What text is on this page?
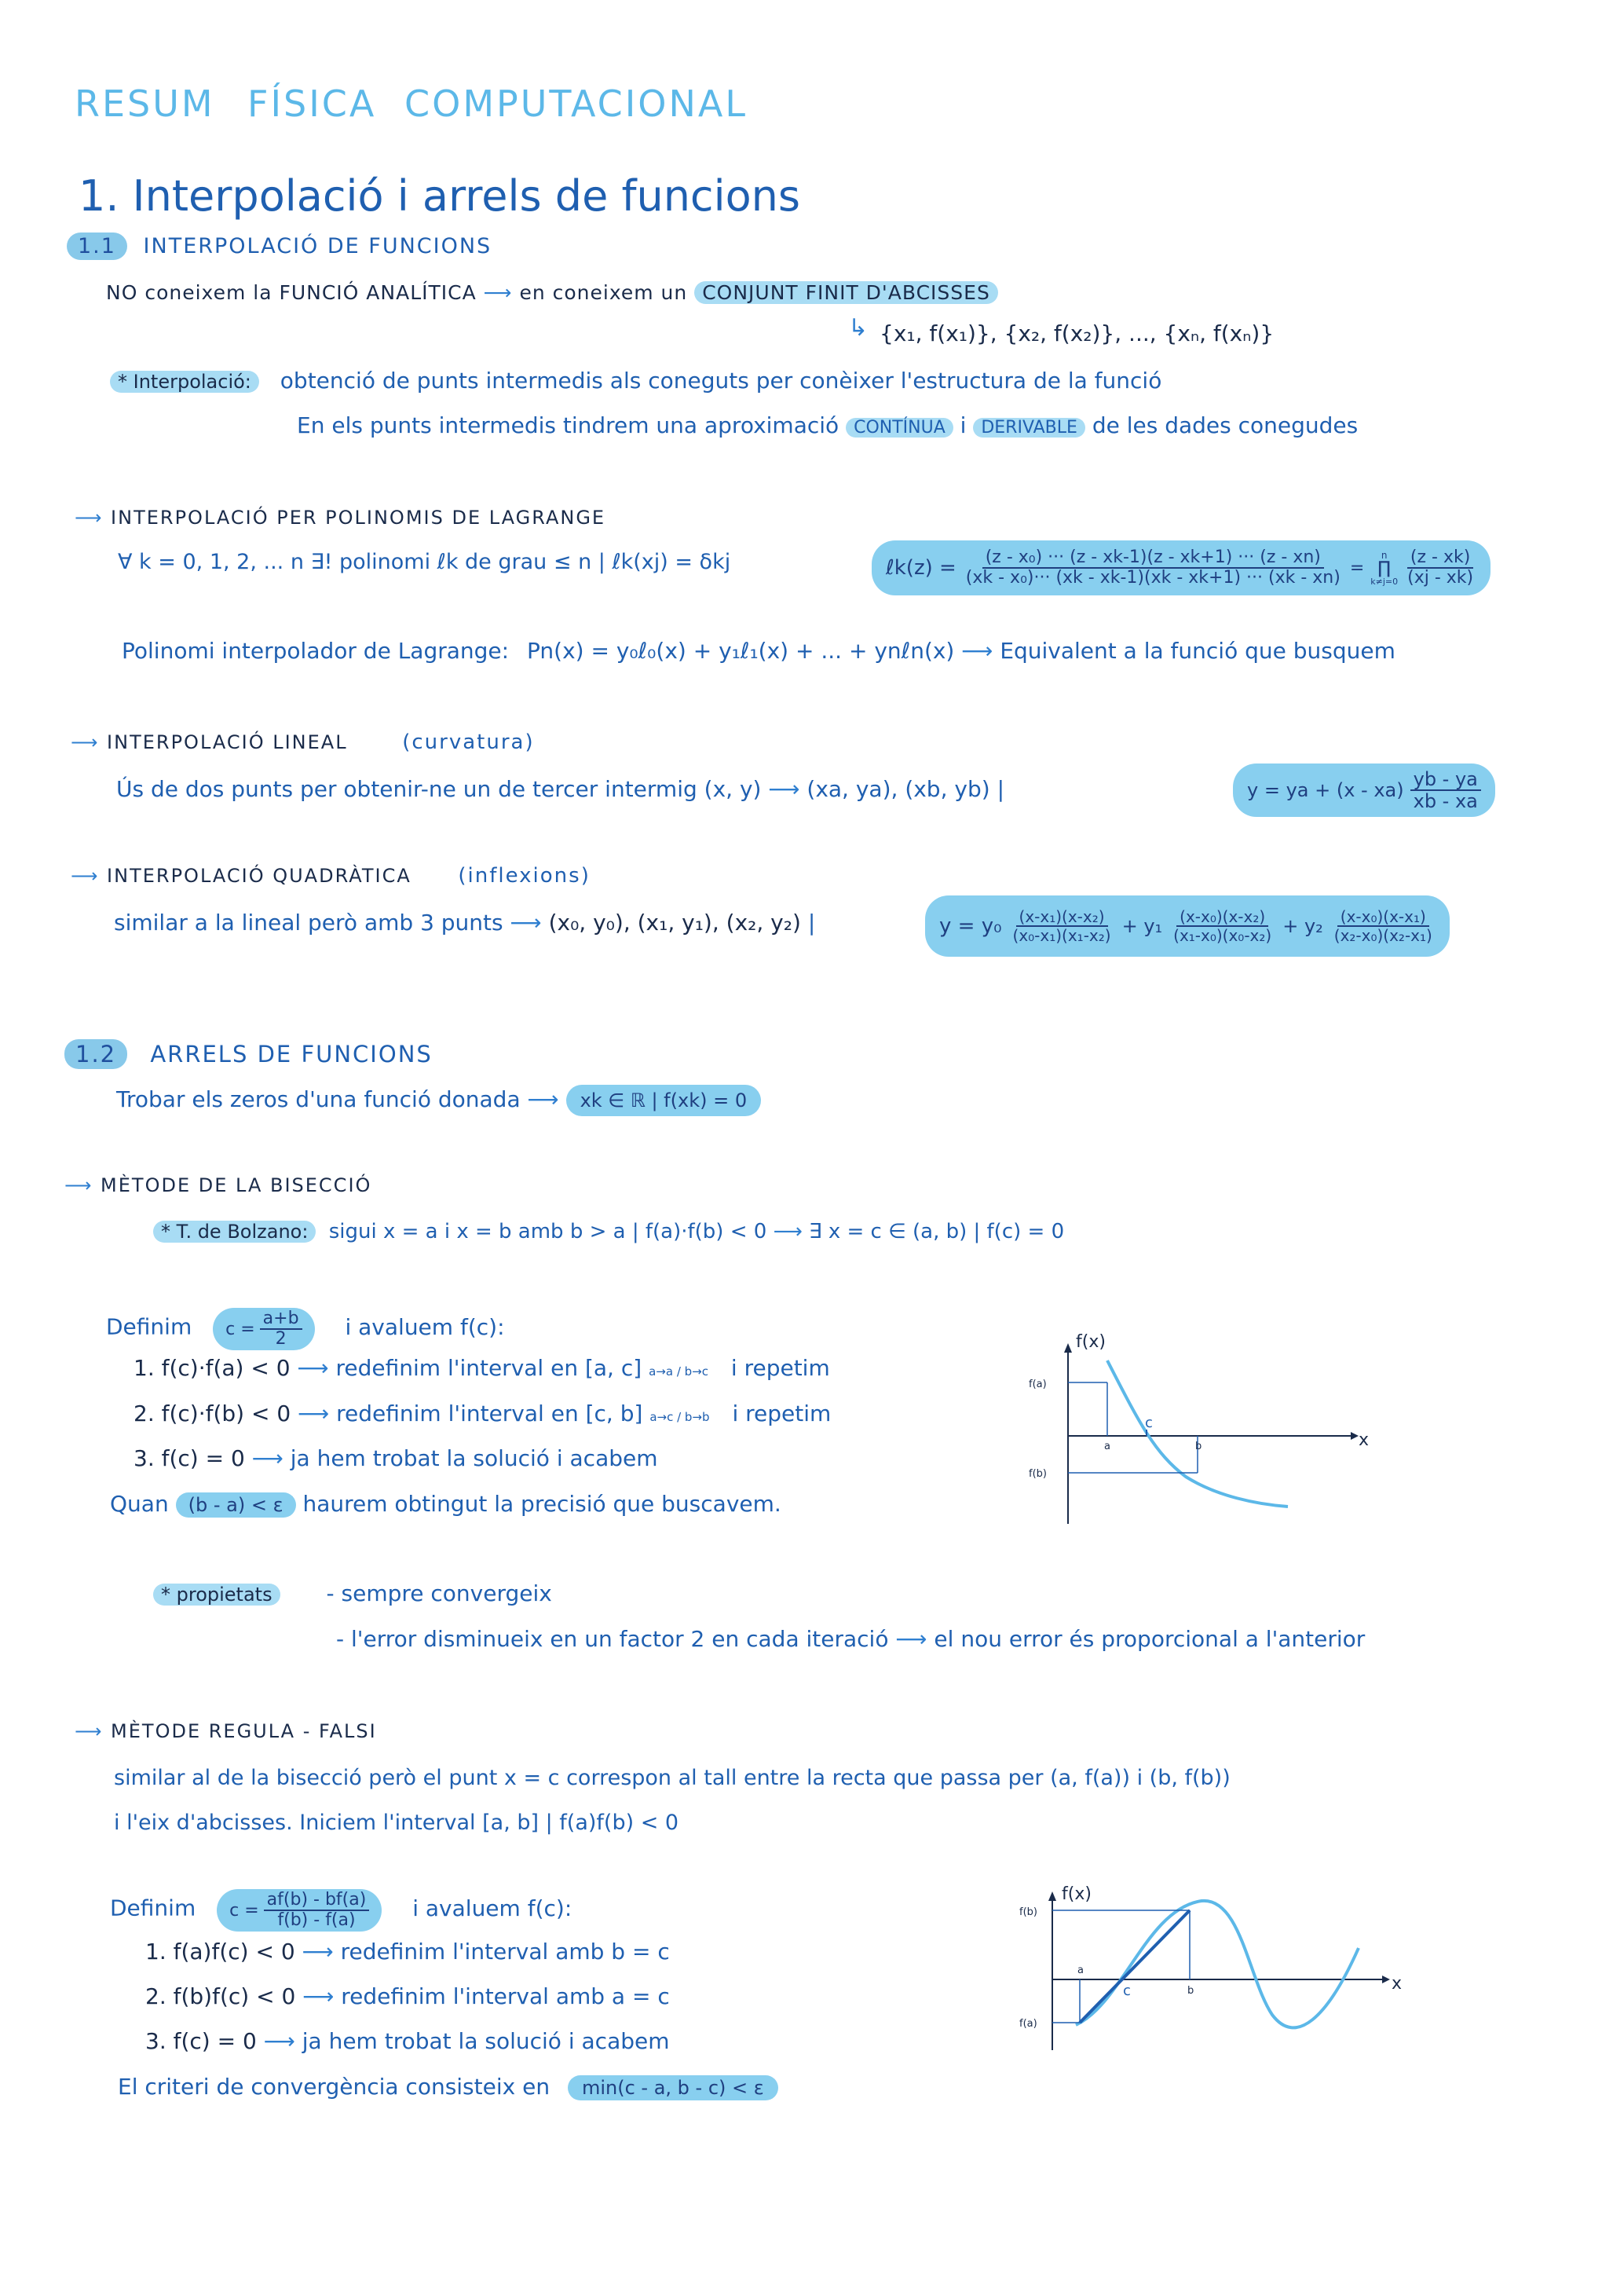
RESUM FÍSICA COMPUTACIONAL
1. Interpolació i arrels de funcions
1.1 INTERPOLACIÓ DE FUNCIONS
NO coneixem la FUNCIÓ ANALÍTICA ⟶ en coneixem un CONJUNT FINIT D'ABCISSES
↳ {x₁, f(x₁)}, {x₂, f(x₂)}, ..., {xₙ, f(xₙ)}
* Interpolació: obtenció de punts intermedis als coneguts per conèixer l'estructura de la funció
En els punts intermedis tindrem una aproximació CONTÍNUA i DERIVABLE de les dades conegudes
⟶ INTERPOLACIÓ PER POLINOMIS DE LAGRANGE
∀ k = 0, 1, 2, ... n ∃! polinomi ℓk de grau ≤ n | ℓk(xj) = δkj	ℓk(z) = $\frac{\text{(z - x₀) ··· (z - xk-1)(z - xk+1) ··· (z - xn)}}{\text{(xk - x₀)··· (xk - xk-1)(xk - xk+1) ··· (xk - xn)}}$ =
n
∏
$k\ne j=0 \frac{(z - xk)}{(xj - xk)}$
Polinomi interpolador de Lagrange: Pn(x) = y₀ℓ₀(x) + y₁ℓ₁(x) + ... + ynℓn(x) ⟶ Equivalent a la funció que busquem
⟶ INTERPOLACIÓ LINEAL	(curvatura)
Ús de dos punts per obtenir-ne un de tercer intermig (x, y) ⟶ (xa, ya), (xb, yb) |	y = ya + $(x - xa) \frac{yb - ya}{xb - xa}$
⟶ INTERPOLACIÓ QUADRÀTICA (inflexions)
similar a la lineal però amb 3 punts ⟶ (x₀, y₀), (x₁, y₁), (x₂, y₂) |	$y = y_0 \frac{\text{(x-x₁)(x-x₂)}}{\text{(x₀-x₁)(x₁-x₂)}} + y_1 \frac{\text{(x-x₀)(x-x₂)}}{\text{(x₁-x₀)(x₀-x₂)}} + y_2 \frac{\text{(x-x₀)(x-x₁)}}{\text{(x₂-x₀)(x₂-x₁)}}$
1.2 ARRELS DE FUNCIONS
Trobar els zeros d'una funció donada ⟶ xk ∈ ℝ | f(xk) = 0
⟶ MÈTODE DE LA BISECCIÓ
* T. de Bolzano: sigui x = a i x = b amb b > a | f(a)·f(b) < 0 ⟶ ∃ x = c ∈ (a, b) | f(c) = 0
Definim $c = \frac{a+b}{2}$ i avaluem f(c):
1. f(c)·f(a) < 0 ⟶ redefinim l'interval en [a, c] a→a / b→c i repetim
2. f(c)·f(b) < 0 ⟶ redefinim l'interval en [c, b] a→c / b→b i repetim
3. f(c) = 0 ⟶ ja hem trobat la solució i acabem
Quan (b - a) < ε haurem obtingut la precisió que buscavem.
* propietats - sempre convergeix
- l'error disminueix en un factor 2 en cada iteració ⟶ el nou error és proporcional a l'anterior
f(x)
x
f(a)
f(b)
a	b
c
⟶ MÈTODE REGULA - FALSI
similar al de la bisecció però el punt x = c correspon al tall entre la recta que passa per (a, f(a)) i (b, f(b))
i l'eix d'abcisses. Iniciem l'interval [a, b] | f(a)f(b) < 0
Definim $c = \frac{af(b) - bf(a)}{f(b) - f(a)}$ i avaluem f(c):
1. f(a)f(c) < 0 ⟶ redefinim l'interval amb b = c
2. f(b)f(c) < 0 ⟶ redefinim l'interval amb a = c
3. f(c) = 0 ⟶ ja hem trobat la solució i acabem
El criteri de convergència consisteix en min(c - a, b - c) < ε
f(x)
x
f(b)
f(a)
a
b
c
